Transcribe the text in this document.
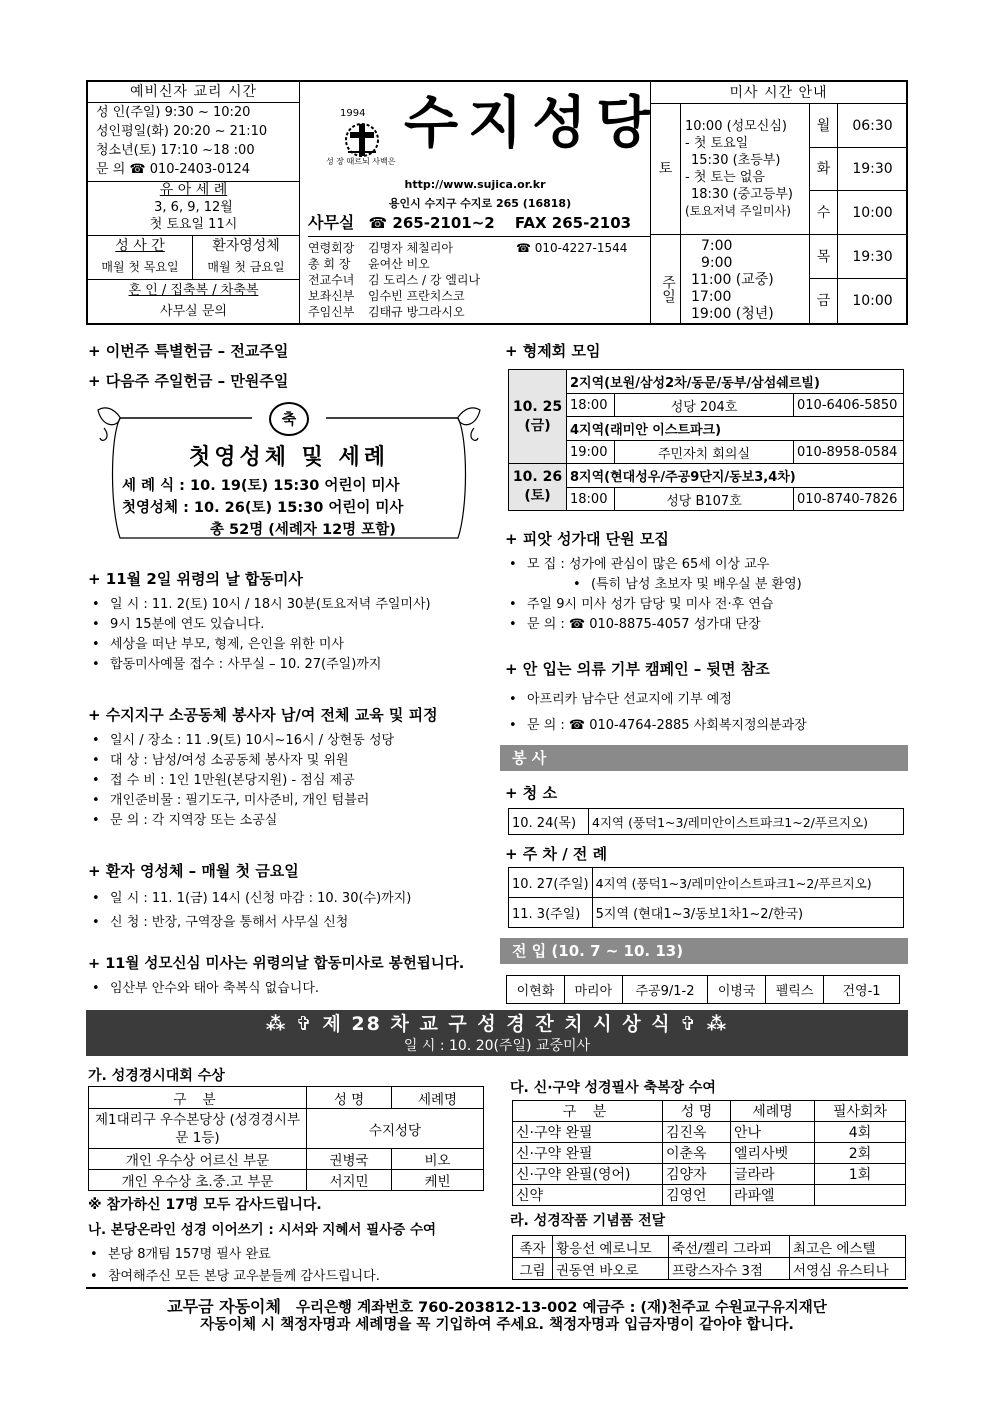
예비신자 교리 시간
성 인(주일) 9:30 ~ 10:20
성인평일(화) 20:20 ~ 21:10
청소년(토) 17:10 ~18 :00
문 의 ☎ 010-2403-0124
유 아 세 례
3, 6, 9, 12월
첫 토요일 11시
성 사 간
매월 첫 목요일
환자영성체
매월 첫 금요일
혼 인 / 집축복 / 차축복
사무실 문의
1994
성 장 때르뇌 사백은
수지성당
http://www.sujica.or.kr
용인시 수지구 수지로 265 (16818)
사무실 ☎ 265-2101~2 FAX 265-2103
연령회장	김명자 체칠리아	☎ 010-4227-1544
총 회 장	윤여산 비오
전교수녀	김 도리스 / 강 엘리나
보좌신부	임수빈 프란치스코
주임신부	김태규 방그라시오
미사 시간 안내
토
10:00 (성모신심)
- 첫 토요일
15:30 (초등부)
- 첫 토는 없음
18:30 (중고등부)
(토요저녁 주일미사)
주일
7:00
9:00
11:00 (교중)
17:00
19:00 (청년)
월	06:30
화	19:30
수	10:00
목	19:30
금	10:00
+ 이번주 특별헌금 – 전교주일
+ 다음주 주일헌금 – 만원주일
축
첫영성체 및 세례
세 례 식 : 10. 19(토) 15:30 어린이 미사
첫영성체 : 10. 26(토) 15:30 어린이 미사
총 52명 (세례자 12명 포함)
+ 11월 2일 위령의 날 합동미사
• 일 시 : 11. 2(토) 10시 / 18시 30분(토요저녁 주일미사)
• 9시 15분에 연도 있습니다.
• 세상을 떠난 부모, 형제, 은인을 위한 미사
• 합동미사예물 접수 : 사무실 – 10. 27(주일)까지
+ 수지지구 소공동체 봉사자 남/여 전체 교육 및 피정
• 일시 / 장소 : 11 .9(토) 10시~16시 / 상현동 성당
• 대 상 : 남성/여성 소공동체 봉사자 및 위원
• 접 수 비 : 1인 1만원(본당지원) - 점심 제공
• 개인준비물 : 필기도구, 미사준비, 개인 텀블러
• 문 의 : 각 지역장 또는 소공실
+ 환자 영성체 – 매월 첫 금요일
• 일 시 : 11. 1(금) 14시 (신청 마감 : 10. 30(수)까지)
• 신 청 : 반장, 구역장을 통해서 사무실 신청
+ 11월 성모신심 미사는 위령의날 합동미사로 봉헌됩니다.
• 임산부 안수와 태아 축복식 없습니다.
+ 형제회 모임
10. 25 (금)	2지역(보원/삼성2차/동문/동부/삼섬쉐르빌)		
	18:00	성당 204호	010-6406-5850
	4지역(래미안 이스트파크)		
	19:00	주민자치 회의실	010-8958-0584
10. 26 (토)	8지역(현대성우/주공9단지/동보3,4차)		
	18:00	성당 B107호	010-8740-7826
+ 피앗 성가대 단원 모집
• 모 집 : 성가에 관심이 많은 65세 이상 교우
• (특히 남성 초보자 및 배우실 분 환영)
• 주일 9시 미사 성가 담당 및 미사 전·후 연습
• 문 의 : ☎ 010-8875-4057 성가대 단장
+ 안 입는 의류 기부 캠페인 – 뒷면 참조
• 아프리카 남수단 선교지에 기부 예정
• 문 의 : ☎ 010-4764-2885 사회복지정의분과장
봉 사
+ 청 소
10. 24(목)	4지역 (풍덕1~3/레미안이스트파크1~2/푸르지오)
+ 주 차 / 전 례
10. 27(주일)	4지역 (풍덕1~3/레미안이스트파크1~2/푸르지오)
11. 3(주일)	5지역 (현대1~3/동보1차1~2/한국)
전 입 (10. 7 ~ 10. 13)
이현화	마리아	주공9/1-2	이병국	펠릭스	건영-1
⁂ ✞ 제 28 차 교 구 성 경 잔 치 시 상 식 ✞ ⁂
일 시 : 10. 20(주일) 교중미사
가. 성경경시대회 수상
구 분	성 명	세례명
제1대리구 우수본당상 (성경경시부문 1등)	수지성당	
개인 우수상 어르신 부문	권병국	비오
개인 우수상 초.중.고 부문	서지민	케빈
※ 참가하신 17명 모두 감사드립니다.
나. 본당온라인 성경 이어쓰기 : 시서와 지혜서 필사증 수여
• 본당 8개팀 157명 필사 완료
• 참여해주신 모든 본당 교우분들께 감사드립니다.
다. 신·구약 성경필사 축복장 수여
구 분	성 명	세례명	필사회차
신·구약 완필	김진옥	안나	4회
신·구약 완필	이춘옥	엘리사벳	2회
신·구약 완필(영어)	김양자	글라라	1회
신약	김영언	라파엘	
라. 성경작품 기념품 전달
족자	황응선 예로니모	죽선/켈리 그라피	최고은 에스텔
그림	권동연 바오로	프랑스자수 3점	서영심 유스티나
교무금 자동이체 우리은행 계좌번호 760-203812-13-002 예금주 : (재)천주교 수원교구유지재단
자동이체 시 책정자명과 세례명을 꼭 기입하여 주세요. 책정자명과 입금자명이 같아야 합니다.
